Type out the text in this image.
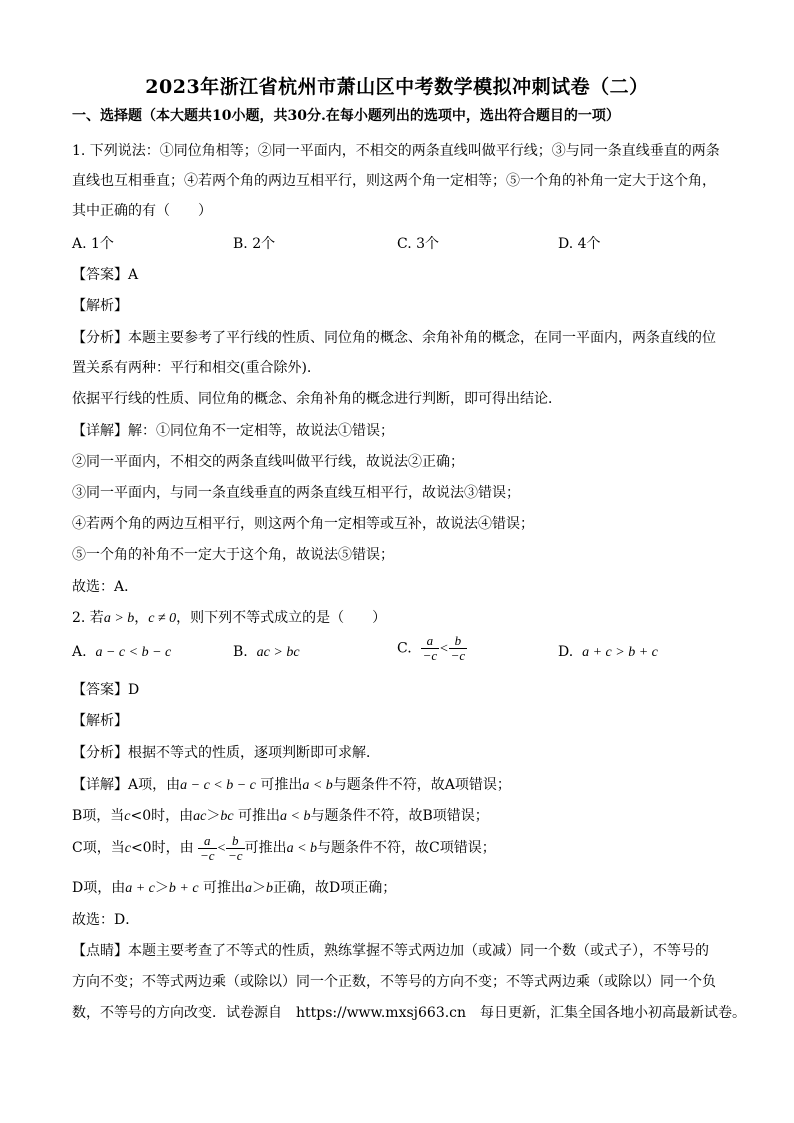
2023年浙江省杭州市萧山区中考数学模拟冲刺试卷（二）
一、选择题（本大题共10小题，共30分.在每小题列出的选项中，选出符合题目的一项）
1. 下列说法：①同位角相等；②同一平面内，不相交的两条直线叫做平行线；③与同一条直线垂直的两条
直线也互相垂直；④若两个角的两边互相平行，则这两个角一定相等；⑤一个角的补角一定大于这个角，
其中正确的有（　　）
A. 1个	B. 2个	C. 3个	D. 4个
【答案】A
【解析】
【分析】本题主要参考了平行线的性质、同位角的概念、余角补角的概念，在同一平面内，两条直线的位
置关系有两种：平行和相交(重合除外).
依据平行线的性质、同位角的概念、余角补角的概念进行判断，即可得出结论．
【详解】解：①同位角不一定相等，故说法①错误；
②同一平面内，不相交的两条直线叫做平行线，故说法②正确；
③同一平面内，与同一条直线垂直的两条直线互相平行，故说法③错误；
④若两个角的两边互相平行，则这两个角一定相等或互补，故说法④错误；
⑤一个角的补角不一定大于这个角，故说法⑤错误；
故选：A．
2. 若a > b，c ≠ 0，则下列不等式成立的是（　　）
A. a − c < b − c	B. ac > bc	C. $\frac{a}{-c} < \frac{b}{-c}$	D. a + c > b + c
【答案】D
【解析】
【分析】根据不等式的性质，逐项判断即可求解．
【详解】A项，由a − c < b − c 可推出a < b与题条件不符，故A项错误；
B项，当c<0时，由ac＞bc 可推出a < b与题条件不符，故B项错误；
C项，当c<0时，由 $\frac{a}{-c} < \frac{b}{-c}$ 可推出a < b与题条件不符，故C项错误；
D项，由a + c＞b + c 可推出a＞b正确，故D项正确；
故选：D．
【点睛】本题主要考查了不等式的性质，熟练掌握不等式两边加（或减）同一个数（或式子），不等号的
方向不变；不等式两边乘（或除以）同一个正数，不等号的方向不变；不等式两边乘（或除以）同一个负
数，不等号的方向改变．试卷源自　https://www.mxsj663.cn　每日更新，汇集全国各地小初高最新试卷。
